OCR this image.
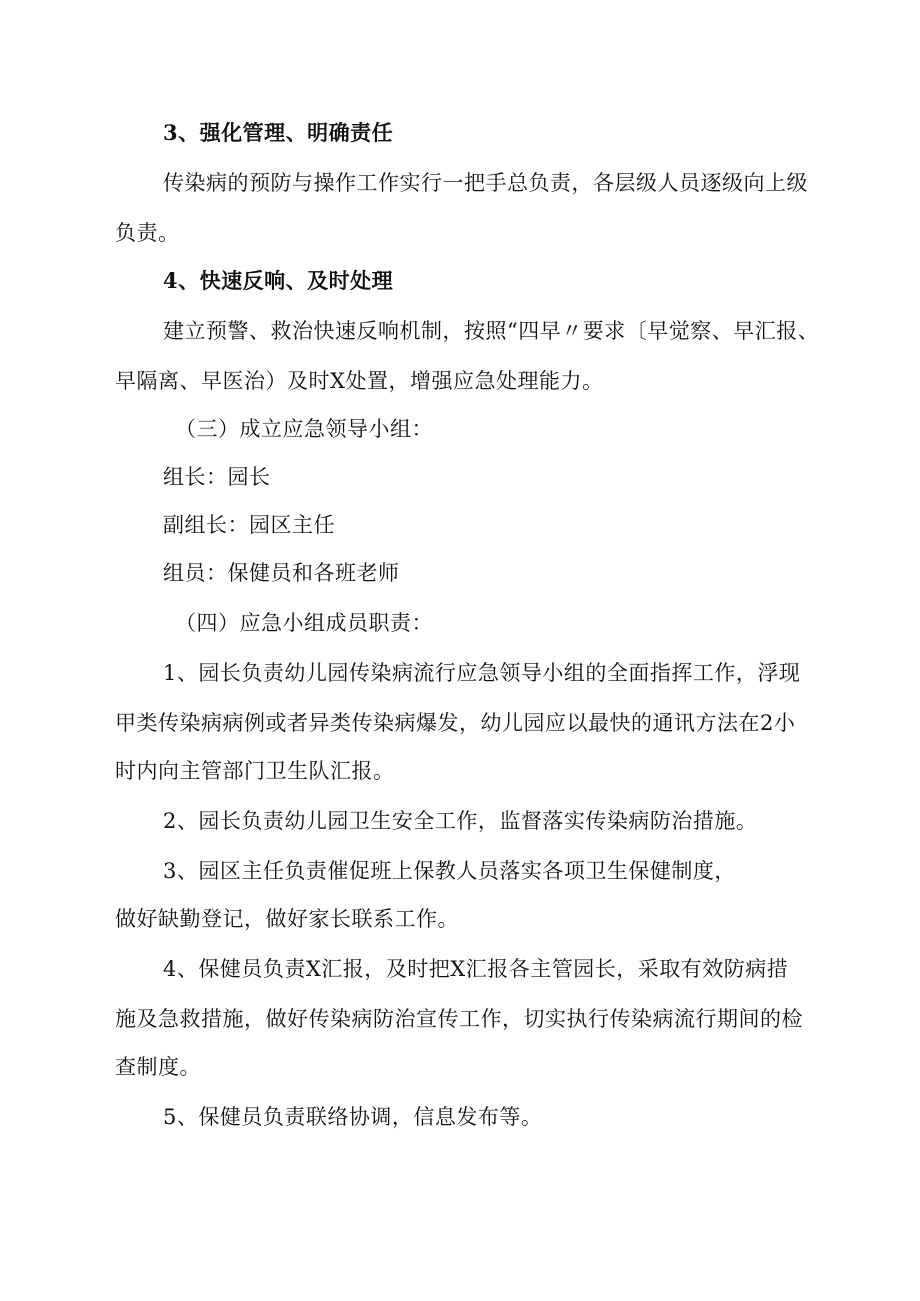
3、强化管理、明确责任
传染病的预防与操作工作实行一把手总负责，各层级人员逐级向上级
负责。
4、快速反响、及时处理
建立预警、救治快速反响机制，按照“四早〃要求〔早觉察、早汇报、
早隔离、早医治）及时X处置，增强应急处理能力。
（三）成立应急领导小组：
组长：园长
副组长：园区主任
组员：保健员和各班老师
（四）应急小组成员职责：
1、园长负责幼儿园传染病流行应急领导小组的全面指挥工作，浮现
甲类传染病病例或者异类传染病爆发，幼儿园应以最快的通讯方法在2小
时内向主管部门卫生队汇报。
2、园长负责幼儿园卫生安全工作，监督落实传染病防治措施。
3、园区主任负责催促班上保教人员落实各项卫生保健制度，
做好缺勤登记，做好家长联系工作。
4、保健员负责X汇报，及时把X汇报各主管园长，采取有效防病措
施及急救措施，做好传染病防治宣传工作，切实执行传染病流行期间的检
查制度。
5、保健员负责联络协调，信息发布等。
